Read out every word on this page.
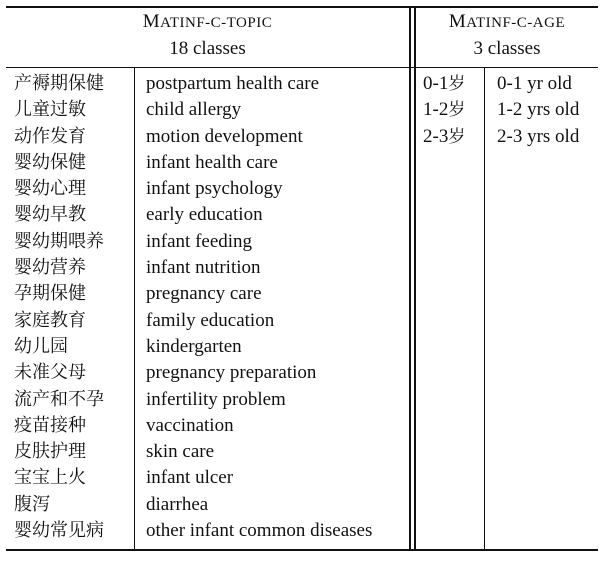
MATINF-C-TOPIC
18 classes
MATINF-C-AGE
3 classes
产褥期保健
儿童过敏
动作发育
婴幼保健
婴幼心理
婴幼早教
婴幼期喂养
婴幼营养
孕期保健
家庭教育
幼儿园
未准父母
流产和不孕
疫苗接种
皮肤护理
宝宝上火
腹泻
婴幼常见病
postpartum health care
child allergy
motion development
infant health care
infant psychology
early education
infant feeding
infant nutrition
pregnancy care
family education
kindergarten
pregnancy preparation
infertility problem
vaccination
skin care
infant ulcer
diarrhea
other infant common diseases
0-1岁
1-2岁
2-3岁
0-1 yr old
1-2 yrs old
2-3 yrs old
